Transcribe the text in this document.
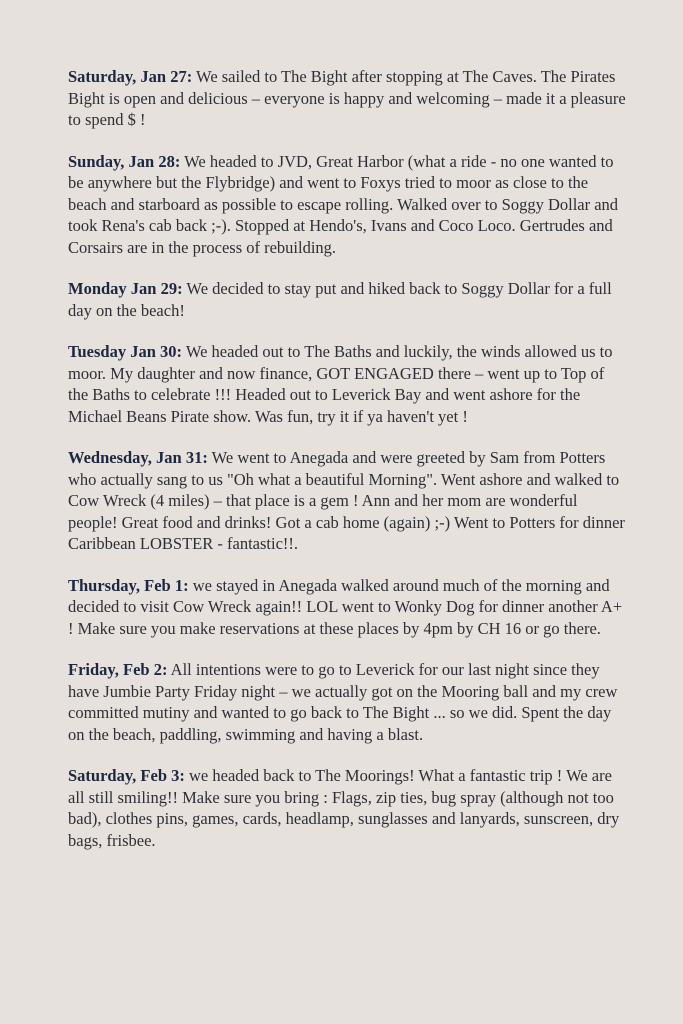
Saturday, Jan 27: We sailed to The Bight after stopping at The Caves. The Pirates Bight is open and delicious – everyone is happy and welcoming – made it a pleasure to spend $ !

Sunday, Jan 28: We headed to JVD, Great Harbor (what a ride - no one wanted to be anywhere but the Flybridge) and went to Foxys tried to moor as close to the beach and starboard as possible to escape rolling. Walked over to Soggy Dollar and took Rena's cab back ;-). Stopped at Hendo's, Ivans and Coco Loco. Gertrudes and Corsairs are in the process of rebuilding.

Monday Jan 29: We decided to stay put and hiked back to Soggy Dollar for a full day on the beach!

Tuesday Jan 30: We headed out to The Baths and luckily, the winds allowed us to moor. My daughter and now finance, GOT ENGAGED there – went up to Top of the Baths to celebrate !!! Headed out to Leverick Bay and went ashore for the Michael Beans Pirate show. Was fun, try it if ya haven't yet !

Wednesday, Jan 31: We went to Anegada and were greeted by Sam from Potters who actually sang to us "Oh what a beautiful Morning". Went ashore and walked to Cow Wreck (4 miles) – that place is a gem ! Ann and her mom are wonderful people! Great food and drinks! Got a cab home (again) ;-) Went to Potters for dinner Caribbean LOBSTER - fantastic!!.

Thursday, Feb 1: we stayed in Anegada walked around much of the morning and decided to visit Cow Wreck again!! LOL went to Wonky Dog for dinner another A+ ! Make sure you make reservations at these places by 4pm by CH 16 or go there.

Friday, Feb 2: All intentions were to go to Leverick for our last night since they have Jumbie Party Friday night – we actually got on the Mooring ball and my crew committed mutiny and wanted to go back to The Bight ... so we did. Spent the day on the beach, paddling, swimming and having a blast.

Saturday, Feb 3: we headed back to The Moorings! What a fantastic trip ! We are all still smiling!! Make sure you bring : Flags, zip ties, bug spray (although not too bad), clothes pins, games, cards, headlamp, sunglasses and lanyards, sunscreen, dry bags, frisbee.
